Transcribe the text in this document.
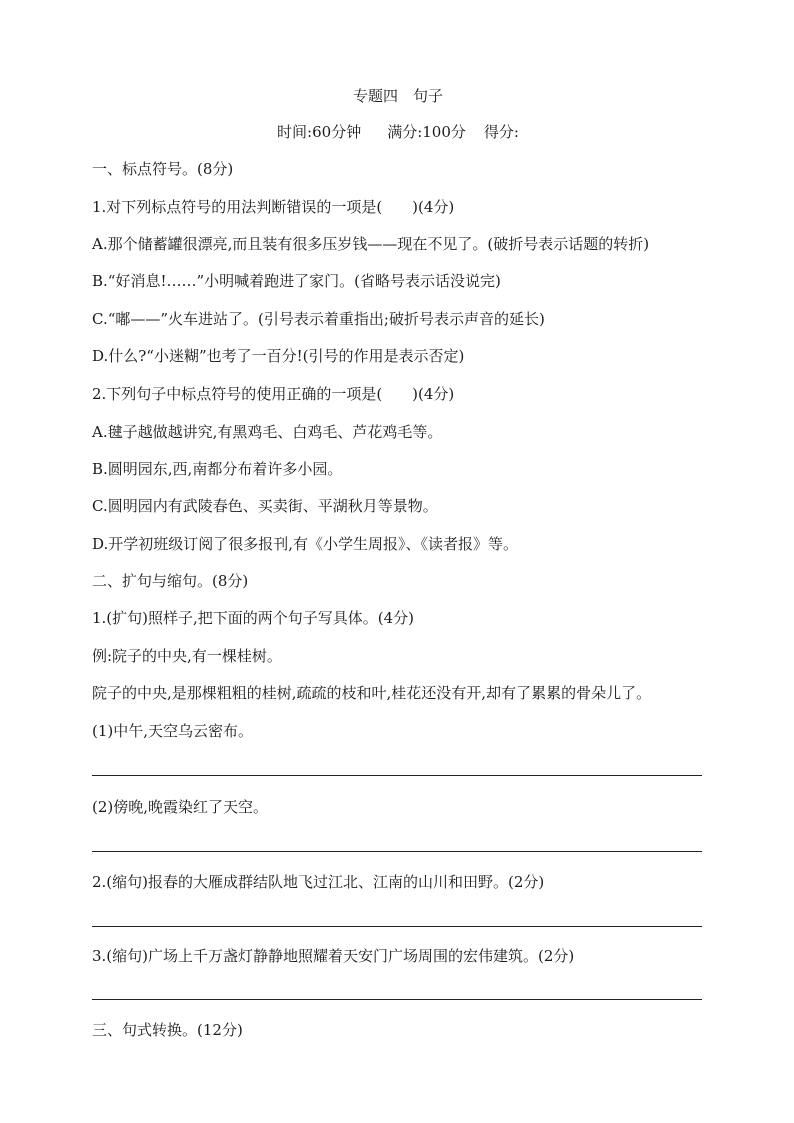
专题四　句子
时间:60分钟 满分:100分 得分:
一、标点符号。(8分)
1.对下列标点符号的用法判断错误的一项是(　　)(4分)
A.那个储蓄罐很漂亮,而且装有很多压岁钱——现在不见了。(破折号表示话题的转折)
B.“好消息!……”小明喊着跑进了家门。(省略号表示话没说完)
C.“嘟——”火车进站了。(引号表示着重指出;破折号表示声音的延长)
D.什么?“小迷糊”也考了一百分!(引号的作用是表示否定)
2.下列句子中标点符号的使用正确的一项是(　　)(4分)
A.毽子越做越讲究,有黑鸡毛、白鸡毛、芦花鸡毛等。
B.圆明园东,西,南都分布着许多小园。
C.圆明园内有武陵春色、买卖街、平湖秋月等景物。
D.开学初班级订阅了很多报刊,有《小学生周报》、《读者报》等。
二、扩句与缩句。(8分)
1.(扩句)照样子,把下面的两个句子写具体。(4分)
例:院子的中央,有一棵桂树。
院子的中央,是那棵粗粗的桂树,疏疏的枝和叶,桂花还没有开,却有了累累的骨朵儿了。
(1)中午,天空乌云密布。
(2)傍晚,晚霞染红了天空。
2.(缩句)报春的大雁成群结队地飞过江北、江南的山川和田野。(2分)
3.(缩句)广场上千万盏灯静静地照耀着天安门广场周围的宏伟建筑。(2分)
三、句式转换。(12分)
